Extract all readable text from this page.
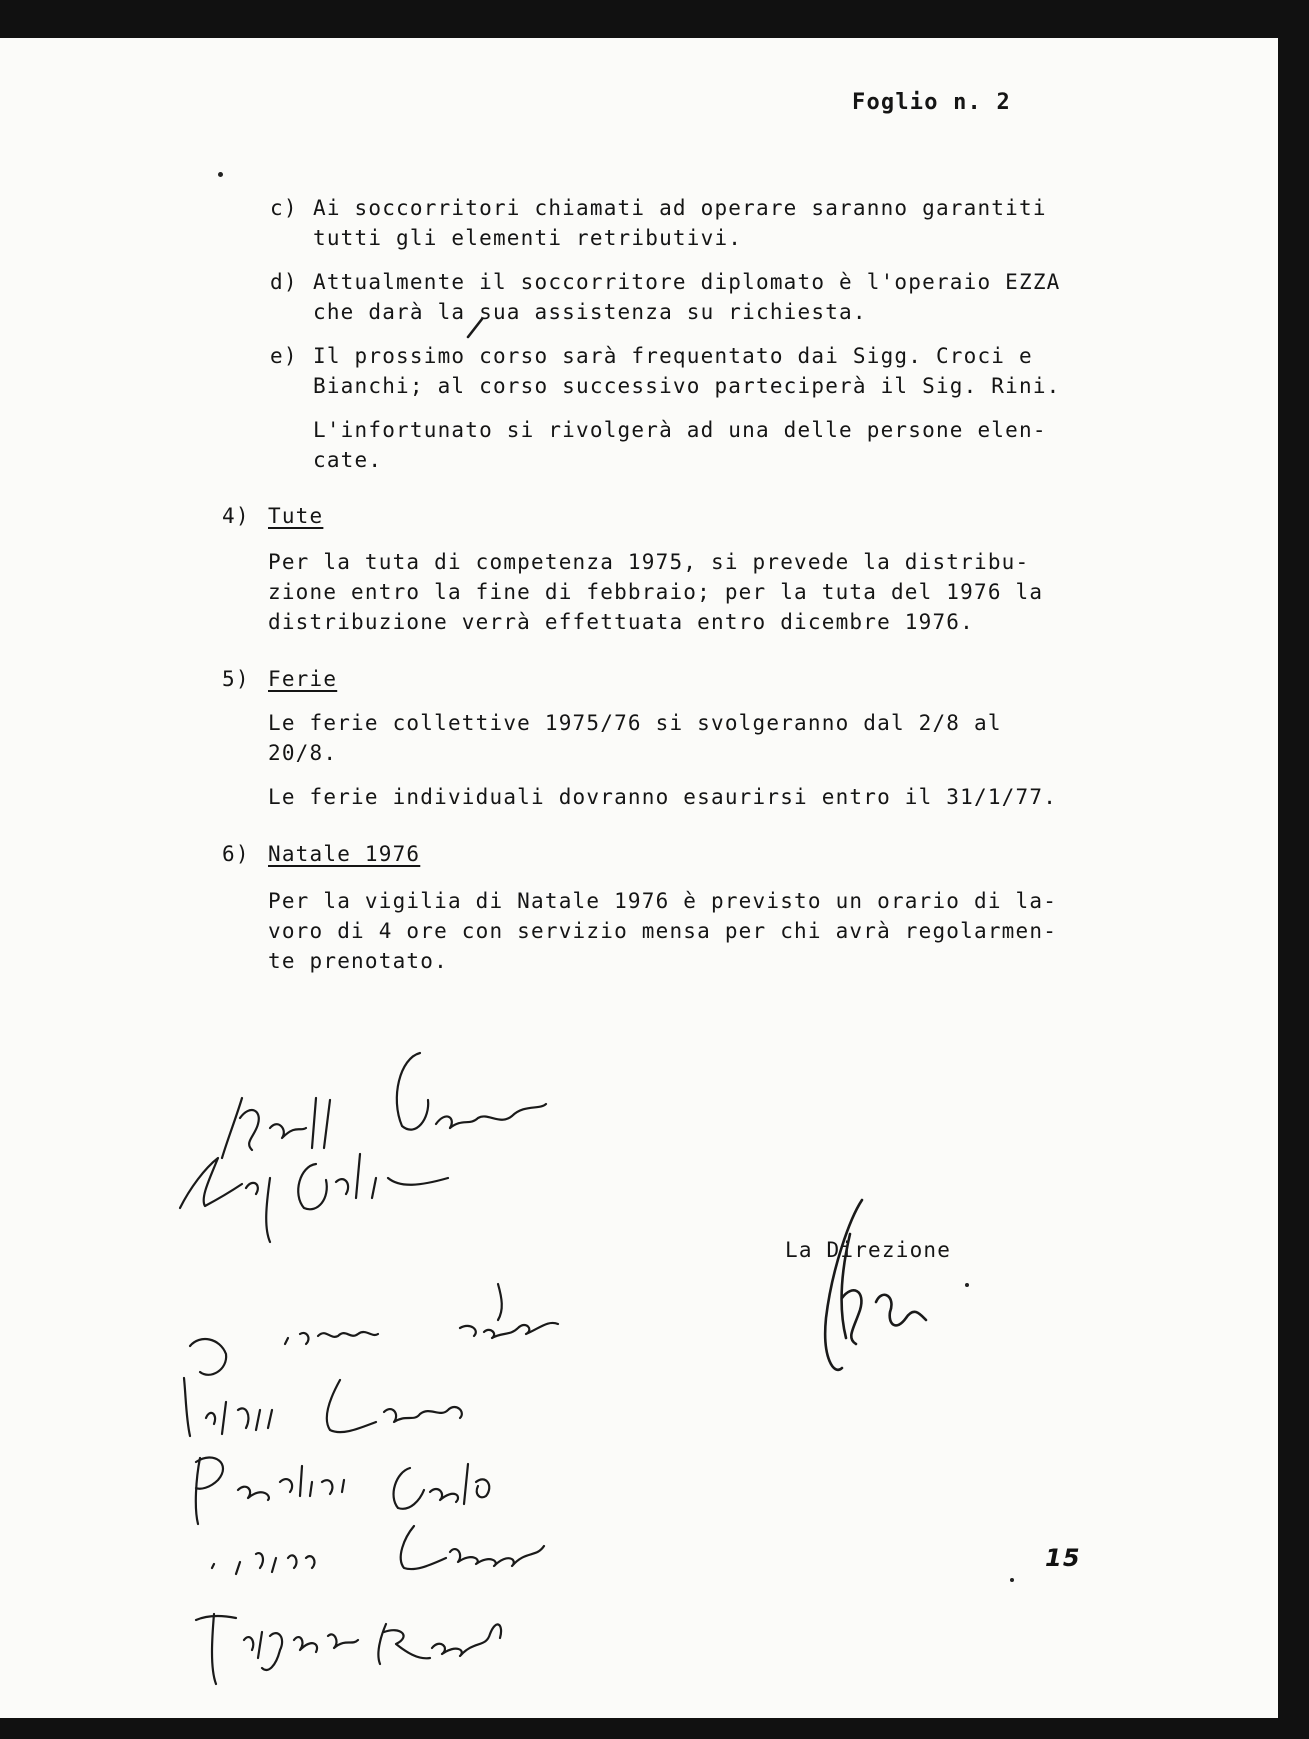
Foglio n. 2
c) Ai soccorritori chiamati ad operare saranno garantiti
tutti gli elementi retributivi.
d) Attualmente il soccorritore diplomato è l'operaio EZZA
che darà la sua assistenza su richiesta.
e) Il prossimo corso sarà frequentato dai Sigg. Croci e
Bianchi; al corso successivo parteciperà il Sig. Rini.
L'infortunato si rivolgerà ad una delle persone elen-
cate.
4) Tute
Per la tuta di competenza 1975, si prevede la distribu-
zione entro la fine di febbraio; per la tuta del 1976 la
distribuzione verrà effettuata entro dicembre 1976.
5) Ferie
Le ferie collettive 1975/76 si svolgeranno dal 2/8 al
20/8.
Le ferie individuali dovranno esaurirsi entro il 31/1/77.
6) Natale 1976
Per la vigilia di Natale 1976 è previsto un orario di la-
voro di 4 ore con servizio mensa per chi avrà regolarmen-
te prenotato.
La Direzione
15
